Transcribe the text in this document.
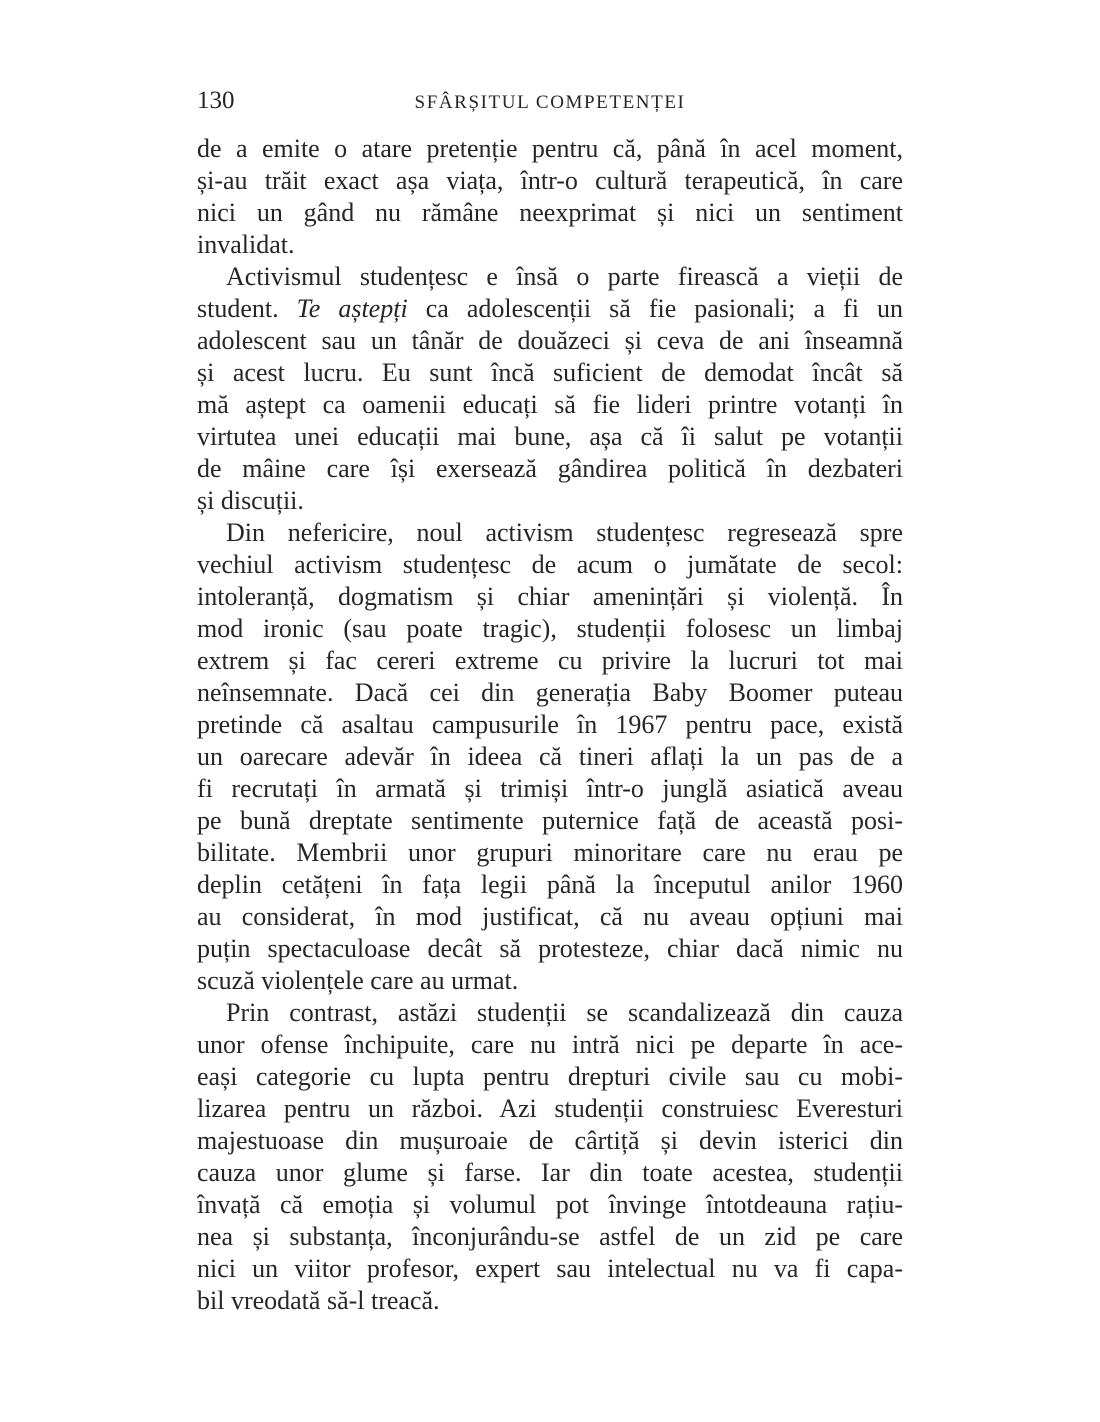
130	SFÂRȘITUL COMPETENȚEI
de a emite o atare pretenție pentru că, până în acel moment,
și-au trăit exact așa viața, într-o cultură terapeutică, în care
nici un gând nu rămâne neexprimat și nici un sentiment
invalidat.
Activismul studențesc e însă o parte firească a vieții de
student. Te aștepți ca adolescenții să fie pasionali; a fi un
adolescent sau un tânăr de douăzeci și ceva de ani înseamnă
și acest lucru. Eu sunt încă suficient de demodat încât să
mă aștept ca oamenii educați să fie lideri printre votanți în
virtutea unei educații mai bune, așa că îi salut pe votanții
de mâine care își exersează gândirea politică în dezbateri
și discuții.
Din nefericire, noul activism studențesc regresează spre
vechiul activism studențesc de acum o jumătate de secol:
intoleranță, dogmatism și chiar amenințări și violență. În
mod ironic (sau poate tragic), studenții folosesc un limbaj
extrem și fac cereri extreme cu privire la lucruri tot mai
neînsemnate. Dacă cei din generația Baby Boomer puteau
pretinde că asaltau campusurile în 1967 pentru pace, există
un oarecare adevăr în ideea că tineri aflați la un pas de a
fi recrutați în armată și trimiși într-o junglă asiatică aveau
pe bună dreptate sentimente puternice față de această posi-
bilitate. Membrii unor grupuri minoritare care nu erau pe
deplin cetățeni în fața legii până la începutul anilor 1960
au considerat, în mod justificat, că nu aveau opțiuni mai
puțin spectaculoase decât să protesteze, chiar dacă nimic nu
scuză violențele care au urmat.
Prin contrast, astăzi studenții se scandalizează din cauza
unor ofense închipuite, care nu intră nici pe departe în ace-
eași categorie cu lupta pentru drepturi civile sau cu mobi-
lizarea pentru un război. Azi studenții construiesc Everesturi
majestuoase din mușuroaie de cârtiță și devin isterici din
cauza unor glume și farse. Iar din toate acestea, studenții
învață că emoția și volumul pot învinge întotdeauna rațiu-
nea și substanța, înconjurându-se astfel de un zid pe care
nici un viitor profesor, expert sau intelectual nu va fi capa-
bil vreodată să-l treacă.
